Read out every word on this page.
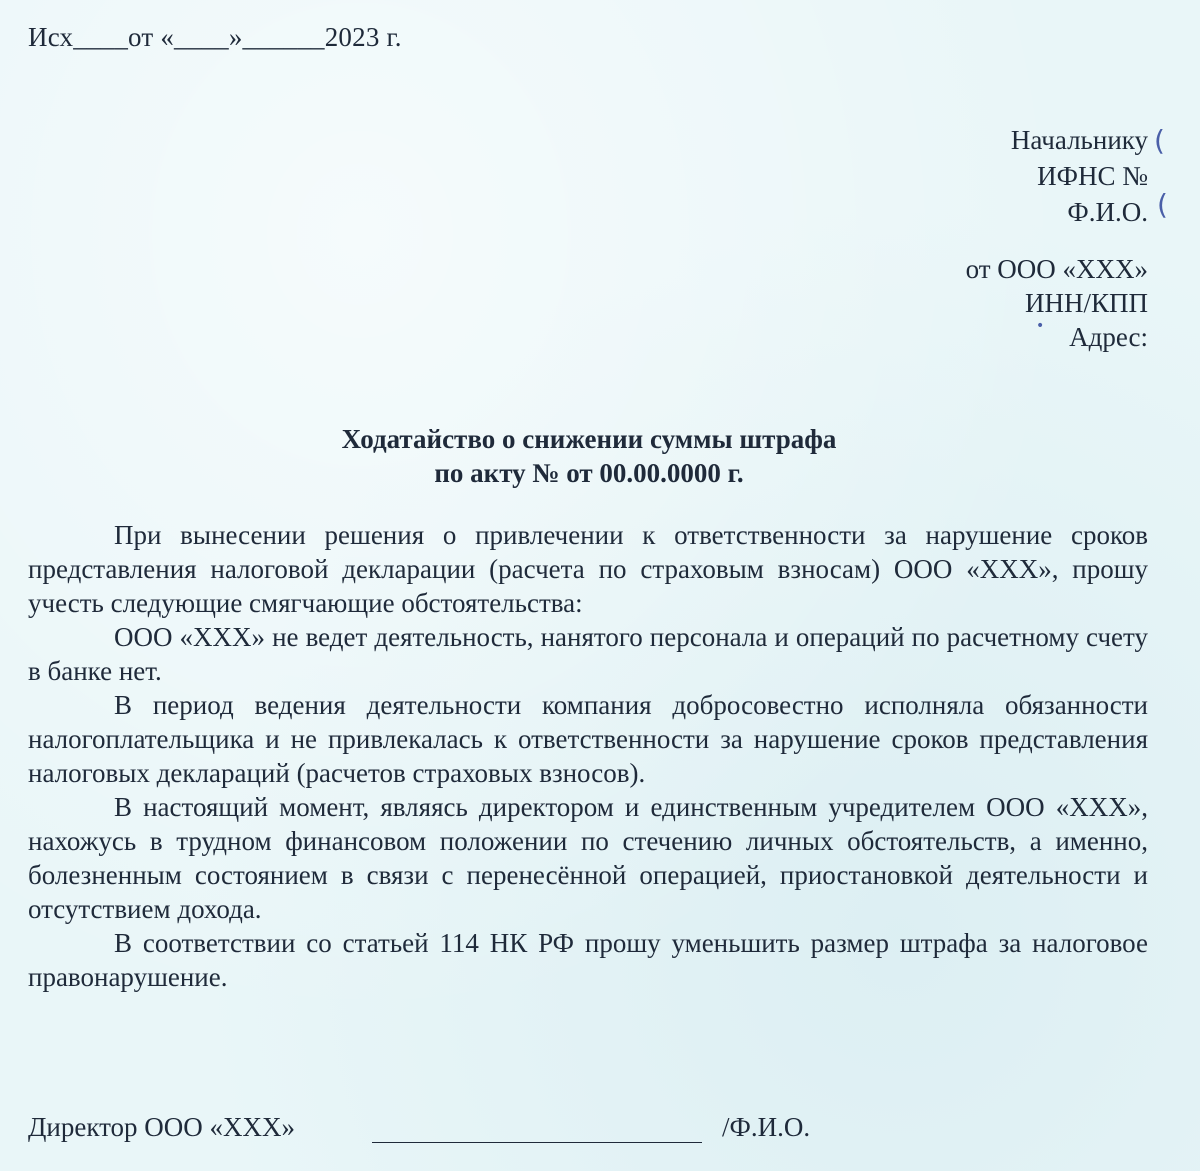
Исх____от «____»______2023 г.
Начальнику
ИФНС №
Ф.И.О.
(
(
•
от ООО «XXX»
ИНН/КПП
Адрес:
Ходатайство о снижении суммы штрафа
по акту № от 00.00.0000 г.

При вынесении решения о привлечении к ответственности за нарушение сроков представления налоговой декларации (расчета по страховым взносам) ООО «XXX», прошу учесть следующие смягчающие обстоятельства:

ООО «XXX» не ведет деятельность, нанятого персонала и операций по расчетному счету в банке нет.

В период ведения деятельности компания добросовестно исполняла обязанности налогоплательщика и не привлекалась к ответственности за нарушение сроков представления налоговых деклараций (расчетов страховых взносов).

В настоящий момент, являясь директором и единственным учредителем ООО «XXX», нахожусь в трудном финансовом положении по стечению личных обстоятельств, а именно, болезненным состоянием в связи с перенесённой операцией, приостановкой деятельности и отсутствием дохода.

В соответствии со статьей 114 НК РФ прошу уменьшить размер штрафа за налоговое правонарушение.

Директор ООО «XXX»	/Ф.И.О.
